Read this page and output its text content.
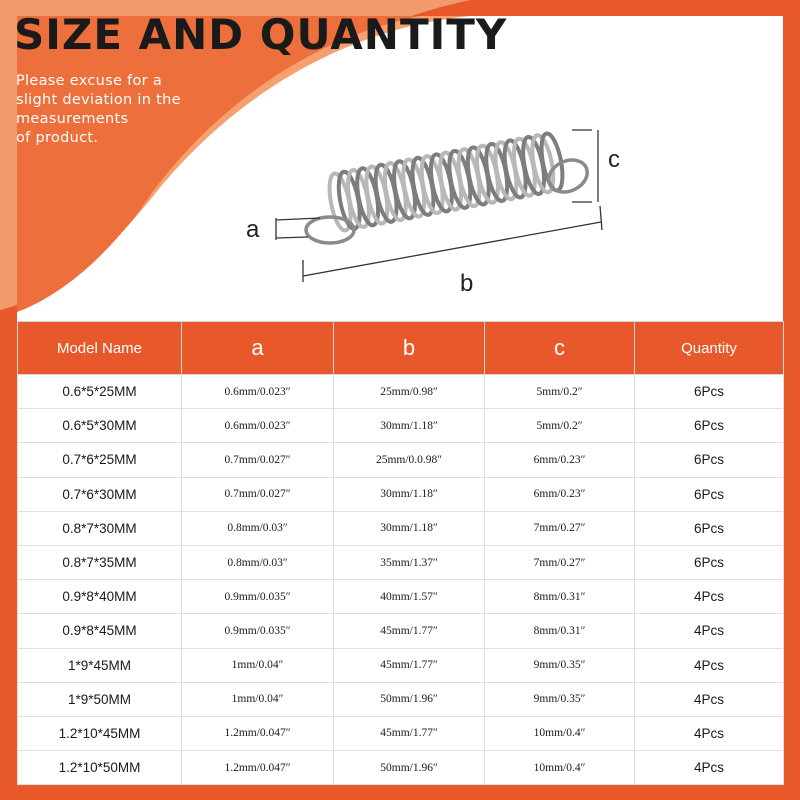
SIZE AND QUANTITY
Please excuse for a
slight deviation in the
measurements
of product.
a
b
c
Model Name	a	b	c	Quantity
0.6*5*25MM	0.6mm/0.023″	25mm/0.98″	5mm/0.2″	6Pcs
0.6*5*30MM	0.6mm/0.023″	30mm/1.18″	5mm/0.2″	6Pcs
0.7*6*25MM	0.7mm/0.027″	25mm/0.0.98″	6mm/0.23″	6Pcs
0.7*6*30MM	0.7mm/0.027″	30mm/1.18″	6mm/0.23″	6Pcs
0.8*7*30MM	0.8mm/0.03″	30mm/1.18″	7mm/0.27″	6Pcs
0.8*7*35MM	0.8mm/0.03″	35mm/1.37″	7mm/0.27″	6Pcs
0.9*8*40MM	0.9mm/0.035″	40mm/1.57″	8mm/0.31″	4Pcs
0.9*8*45MM	0.9mm/0.035″	45mm/1.77″	8mm/0.31″	4Pcs
1*9*45MM	1mm/0.04″	45mm/1.77″	9mm/0.35″	4Pcs
1*9*50MM	1mm/0.04″	50mm/1.96″	9mm/0.35″	4Pcs
1.2*10*45MM	1.2mm/0.047″	45mm/1.77″	10mm/0.4″	4Pcs
1.2*10*50MM	1.2mm/0.047″	50mm/1.96″	10mm/0.4″	4Pcs
